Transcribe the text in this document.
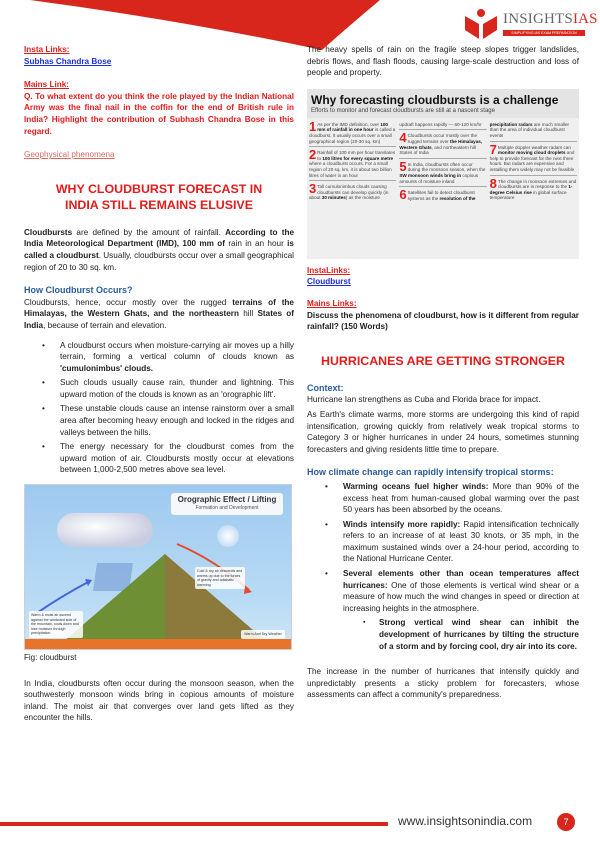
INSIGHTSIAS
SIMPLIFYING IAS EXAM PREPARATION
Insta Links:
Subhas Chandra Bose
Mains Link:

Q. To what extent do you think the role played by the Indian National Army was the final nail in the coffin for the end of British rule in India? Highlight the contribution of Subhash Chandra Bose in this regard.

Geophysical phenomena
WHY CLOUDBURST FORECAST IN INDIA STILL REMAINS ELUSIVE

Cloudbursts are defined by the amount of rainfall. According to the India Meteorological Department (IMD), 100 mm of rain in an hour is called a cloudburst. Usually, cloudbursts occur over a small geographical region of 20 to 30 sq. km.

How Cloudburst Occurs?

Cloudbursts, hence, occur mostly over the rugged terrains of the Himalayas, the Western Ghats, and the northeastern hill States of India, because of terrain and elevation.

• A cloudburst occurs when moisture-carrying air moves up a hilly terrain, forming a vertical column of clouds known as 'cumulonimbus' clouds.
• Such clouds usually cause rain, thunder and lightning. This upward motion of the clouds is known as an 'orographic lift'.
• These unstable clouds cause an intense rainstorm over a small area after becoming heavy enough and locked in the ridges and valleys between the hills.
• The energy necessary for the cloudburst comes from the upward motion of air. Cloudbursts mostly occur at elevations between 1,000-2,500 metres above sea level.
Orographic Effect / Lifting
Formation and Development
Warm & moist air ascend against the windward side of the mountain, cools down and lose moisture through precipitation
Cold & dry air descends and warms up due to the forces of gravity and adiabatic warming
Warm And Dry Weather
Fig: cloudburst

In India, cloudbursts often occur during the monsoon season, when the southwesterly monsoon winds bring in copious amounts of moisture inland. The moist air that converges over land gets lifted as they encounter the hills.

The heavy spells of rain on the fragile steep slopes trigger landslides, debris flows, and flash floods, causing large-scale destruction and loss of people and property.

Why forecasting cloudbursts is a challenge
Efforts to monitor and forecast cloudbursts are still at a nascent stage
1 As per the IMD definition, over 100 mm of rainfall in one hour is called a cloudburst. It usually occurs over a small geographical region (20-30 sq. km)
2 Rainfall of 100 mm per hour translates to 100 litres for every square metre where a cloudburst occurs. For a small region of 20 sq. km, it is about two billion litres of water in an hour
3 Tall cumulonimbus clouds causing cloudbursts can develop quickly (in about 30 minutes) as the moisture
updraft happens rapidly — 60-120 km/hr
4 Cloudbursts occur mostly over the rugged terrains over the Himalayas, Western Ghats, and northeastern hill States of India
5 In India, cloudbursts often occur during the monsoon season, when the SW monsoon winds bring in copious amounts of moisture inland
6 Satellites fail to detect cloudburst systems as the resolution of the
precipitation radars are much smaller than the area of individual cloudburst events
7 Multiple doppler weather radars can monitor moving cloud droplets and help to provide forecast for the next three hours. But radars are expensive and installing them widely may not be feasible
8 The change in monsoon extremes and cloudbursts are in response to the 1-degree Celsius rise in global surface temperature
InstaLinks:
Cloudburst
Mains Links:

Discuss the phenomena of cloudburst, how is it different from regular rainfall? (150 Words)

HURRICANES ARE GETTING STRONGER
Context:

Hurricane Ian strengthens as Cuba and Florida brace for impact.

As Earth's climate warms, more storms are undergoing this kind of rapid intensification, growing quickly from relatively weak tropical storms to Category 3 or higher hurricanes in under 24 hours, sometimes stunning forecasters and giving residents little time to prepare.

How climate change can rapidly intensify tropical storms:
• Warming oceans fuel higher winds: More than 90% of the excess heat from human-caused global warming over the past 50 years has been absorbed by the oceans.
• Winds intensify more rapidly: Rapid intensification technically refers to an increase of at least 30 knots, or 35 mph, in the maximum sustained winds over a 24-hour period, according to the National Hurricane Center.
• Several elements other than ocean temperatures affect hurricanes: One of those elements is vertical wind shear or a measure of how much the wind changes in speed or direction at increasing heights in the atmosphere.
▪ Strong vertical wind shear can inhibit the development of hurricanes by tilting the structure of a storm and by forcing cool, dry air into its core.

The increase in the number of hurricanes that intensify quickly and unpredictably presents a sticky problem for forecasters, whose assessments can affect a community's preparedness.

www.insightsonindia.com	7
